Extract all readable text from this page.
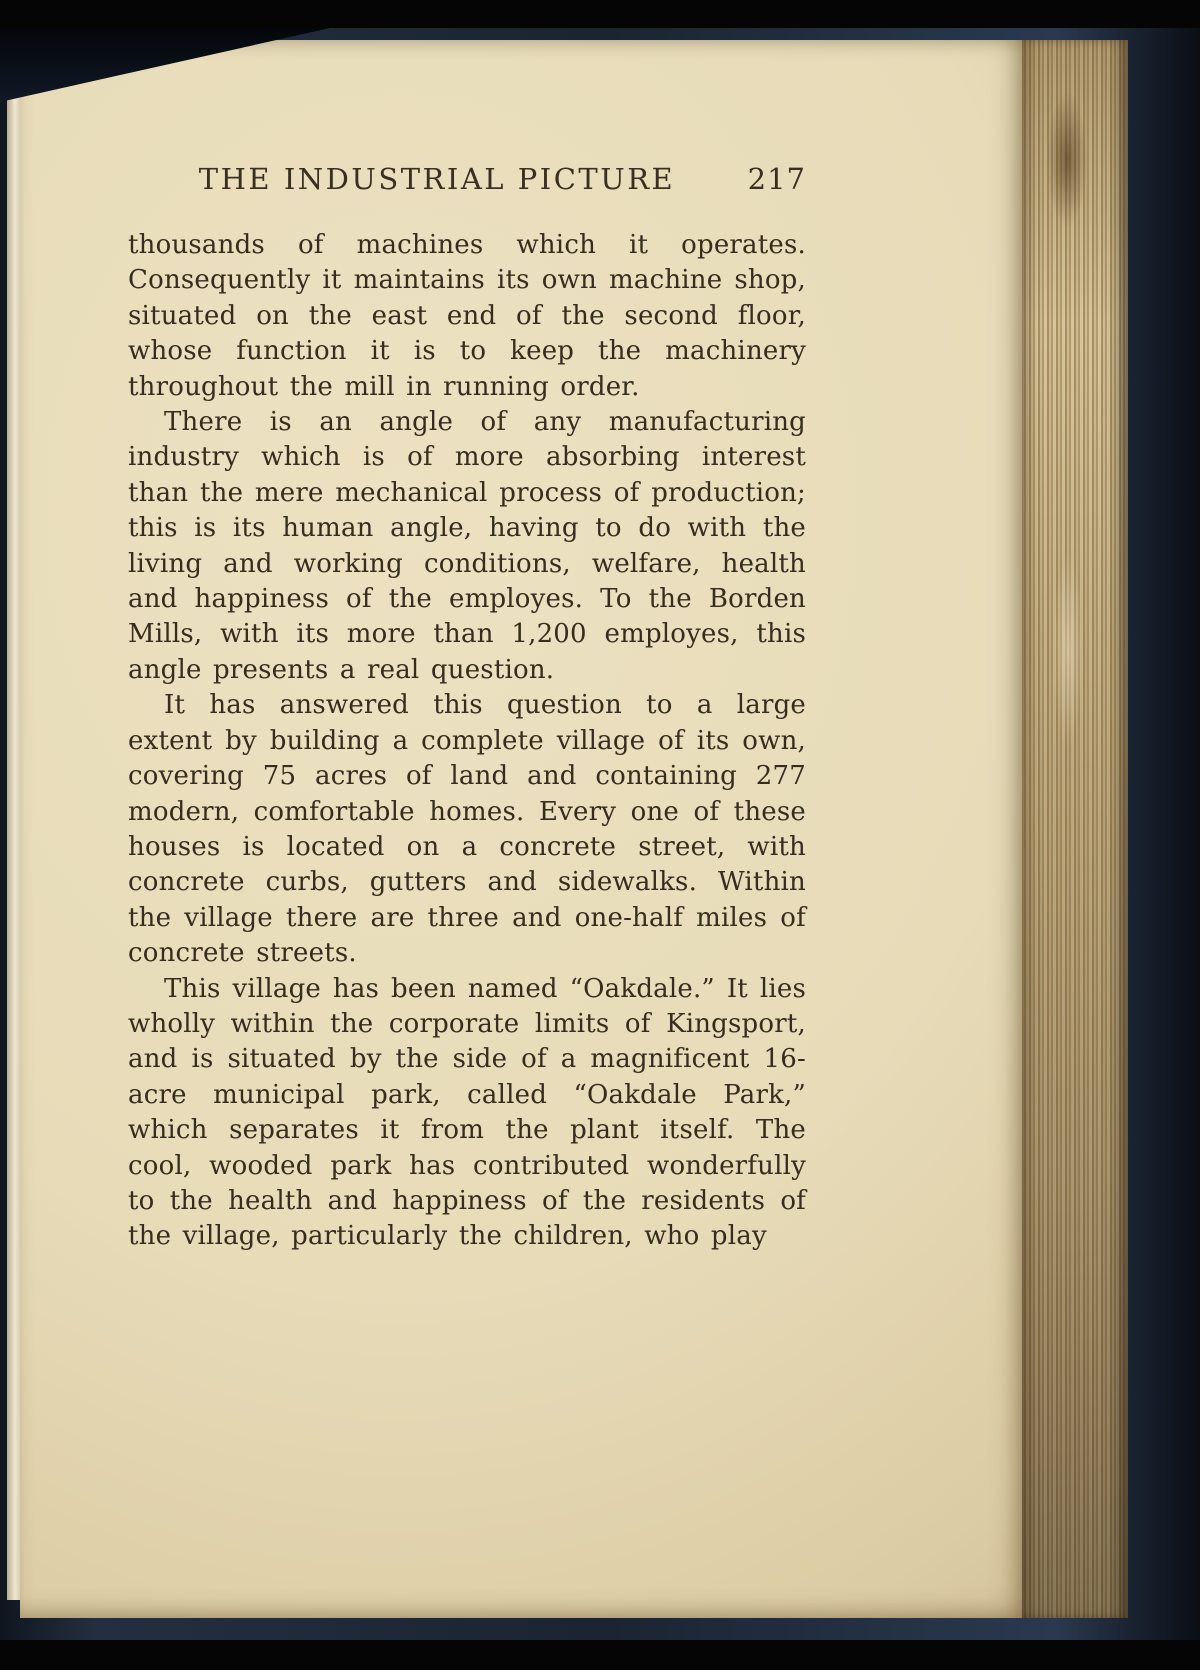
THE INDUSTRIAL PICTURE 217

thousands of machines which it operates. Consequently it maintains its own machine shop, situated on the east end of the second floor, whose function it is to keep the machinery throughout the mill in running order.

There is an angle of any manufacturing industry which is of more absorbing interest than the mere mechanical process of production; this is its human angle, having to do with the living and working conditions, welfare, health and happiness of the employes. To the Borden Mills, with its more than 1,200 employes, this angle presents a real question.

It has answered this question to a large extent by building a complete village of its own, covering 75 acres of land and containing 277 modern, comfortable homes. Every one of these houses is located on a concrete street, with concrete curbs, gutters and sidewalks. Within the village there are three and one-half miles of concrete streets.

This village has been named “Oakdale.” It lies wholly within the corporate limits of Kingsport, and is situated by the side of a magnificent 16-acre municipal park, called “Oakdale Park,” which separates it from the plant itself. The cool, wooded park has contributed wonderfully to the health and happiness of the residents of the village, particularly the children, who play
